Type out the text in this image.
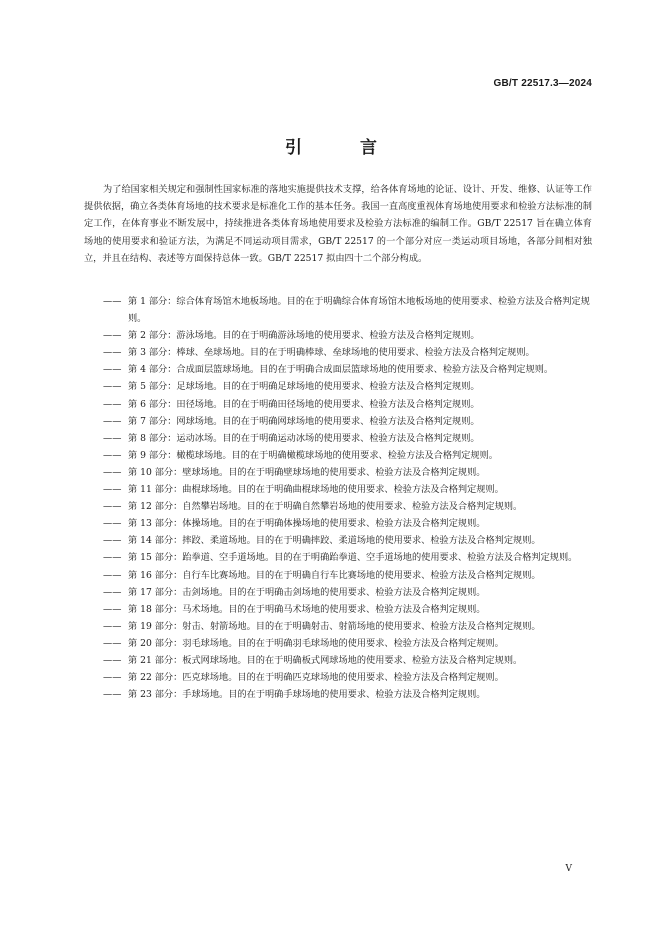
GB/T 22517.3—2024
引 言

为了给国家相关规定和强制性国家标准的落地实施提供技术支撑，给各体育场地的论证、设计、开发、维修、认证等工作提供依据，确立各类体育场地的技术要求是标准化工作的基本任务。我国一直高度重视体育场地使用要求和检验方法标准的制定工作，在体育事业不断发展中，持续推进各类体育场地使用要求及检验方法标准的编制工作。GB/T 22517 旨在确立体育场地的使用要求和验证方法，为满足不同运动项目需求，GB/T 22517 的一个部分对应一类运动项目场地，各部分间相对独立，并且在结构、表述等方面保持总体一致。GB/T 22517 拟由四十二个部分构成。

—— 第 1 部分：综合体育场馆木地板场地。目的在于明确综合体育场馆木地板场地的使用要求、检验方法及合格判定规则。
—— 第 2 部分：游泳场地。目的在于明确游泳场地的使用要求、检验方法及合格判定规则。
—— 第 3 部分：棒球、垒球场地。目的在于明确棒球、垒球场地的使用要求、检验方法及合格判定规则。
—— 第 4 部分：合成面层篮球场地。目的在于明确合成面层篮球场地的使用要求、检验方法及合格判定规则。
—— 第 5 部分：足球场地。目的在于明确足球场地的使用要求、检验方法及合格判定规则。
—— 第 6 部分：田径场地。目的在于明确田径场地的使用要求、检验方法及合格判定规则。
—— 第 7 部分：网球场地。目的在于明确网球场地的使用要求、检验方法及合格判定规则。
—— 第 8 部分：运动冰场。目的在于明确运动冰场的使用要求、检验方法及合格判定规则。
—— 第 9 部分：橄榄球场地。目的在于明确橄榄球场地的使用要求、检验方法及合格判定规则。
—— 第 10 部分：壁球场地。目的在于明确壁球场地的使用要求、检验方法及合格判定规则。
—— 第 11 部分：曲棍球场地。目的在于明确曲棍球场地的使用要求、检验方法及合格判定规则。
—— 第 12 部分：自然攀岩场地。目的在于明确自然攀岩场地的使用要求、检验方法及合格判定规则。
—— 第 13 部分：体操场地。目的在于明确体操场地的使用要求、检验方法及合格判定规则。
—— 第 14 部分：摔跤、柔道场地。目的在于明确摔跤、柔道场地的使用要求、检验方法及合格判定规则。
—— 第 15 部分：跆拳道、空手道场地。目的在于明确跆拳道、空手道场地的使用要求、检验方法及合格判定规则。
—— 第 16 部分：自行车比赛场地。目的在于明确自行车比赛场地的使用要求、检验方法及合格判定规则。
—— 第 17 部分：击剑场地。目的在于明确击剑场地的使用要求、检验方法及合格判定规则。
—— 第 18 部分：马术场地。目的在于明确马术场地的使用要求、检验方法及合格判定规则。
—— 第 19 部分：射击、射箭场地。目的在于明确射击、射箭场地的使用要求、检验方法及合格判定规则。
—— 第 20 部分：羽毛球场地。目的在于明确羽毛球场地的使用要求、检验方法及合格判定规则。
—— 第 21 部分：板式网球场地。目的在于明确板式网球场地的使用要求、检验方法及合格判定规则。
—— 第 22 部分：匹克球场地。目的在于明确匹克球场地的使用要求、检验方法及合格判定规则。
—— 第 23 部分：手球场地。目的在于明确手球场地的使用要求、检验方法及合格判定规则。
V
